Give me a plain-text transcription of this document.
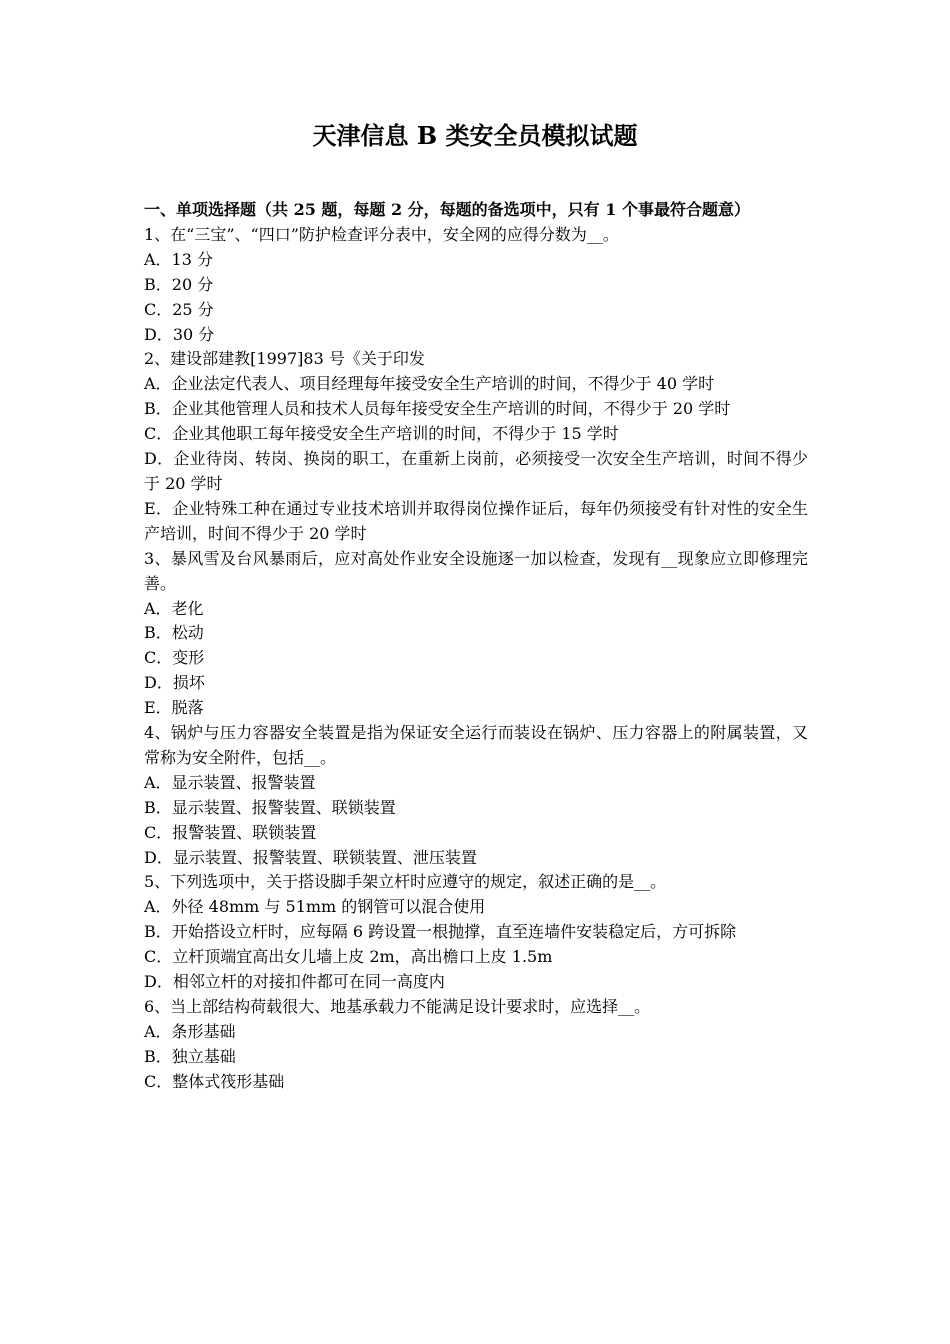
天津信息 B 类安全员模拟试题
一、单项选择题（共 25 题，每题 2 分，每题的备选项中，只有 1 个事最符合题意）
1、在“三宝”、“四口”防护检查评分表中，安全网的应得分数为__。
A．13 分
B．20 分
C．25 分
D．30 分
2、建设部建教[1997]83 号《关于印发
A．企业法定代表人、项目经理每年接受安全生产培训的时间，不得少于 40 学时
B．企业其他管理人员和技术人员每年接受安全生产培训的时间，不得少于 20 学时
C．企业其他职工每年接受安全生产培训的时间，不得少于 15 学时
D．企业待岗、转岗、换岗的职工，在重新上岗前，必须接受一次安全生产培训，时间不得少于 20 学时
E．企业特殊工种在通过专业技术培训并取得岗位操作证后，每年仍须接受有针对性的安全生产培训，时间不得少于 20 学时
3、暴风雪及台风暴雨后，应对高处作业安全设施逐一加以检查，发现有__现象应立即修理完善。
A．老化
B．松动
C．变形
D．损坏
E．脱落
4、锅炉与压力容器安全装置是指为保证安全运行而装设在锅炉、压力容器上的附属装置，又常称为安全附件，包括__。
A．显示装置、报警装置
B．显示装置、报警装置、联锁装置
C．报警装置、联锁装置
D．显示装置、报警装置、联锁装置、泄压装置
5、下列选项中，关于搭设脚手架立杆时应遵守的规定，叙述正确的是__。
A．外径 48mm 与 51mm 的钢管可以混合使用
B．开始搭设立杆时，应每隔 6 跨设置一根抛撑，直至连墙件安装稳定后，方可拆除
C．立杆顶端宜高出女儿墙上皮 2m，高出檐口上皮 1.5m
D．相邻立杆的对接扣件都可在同一高度内
6、当上部结构荷载很大、地基承载力不能满足设计要求时，应选择__。
A．条形基础
B．独立基础
C．整体式筏形基础
